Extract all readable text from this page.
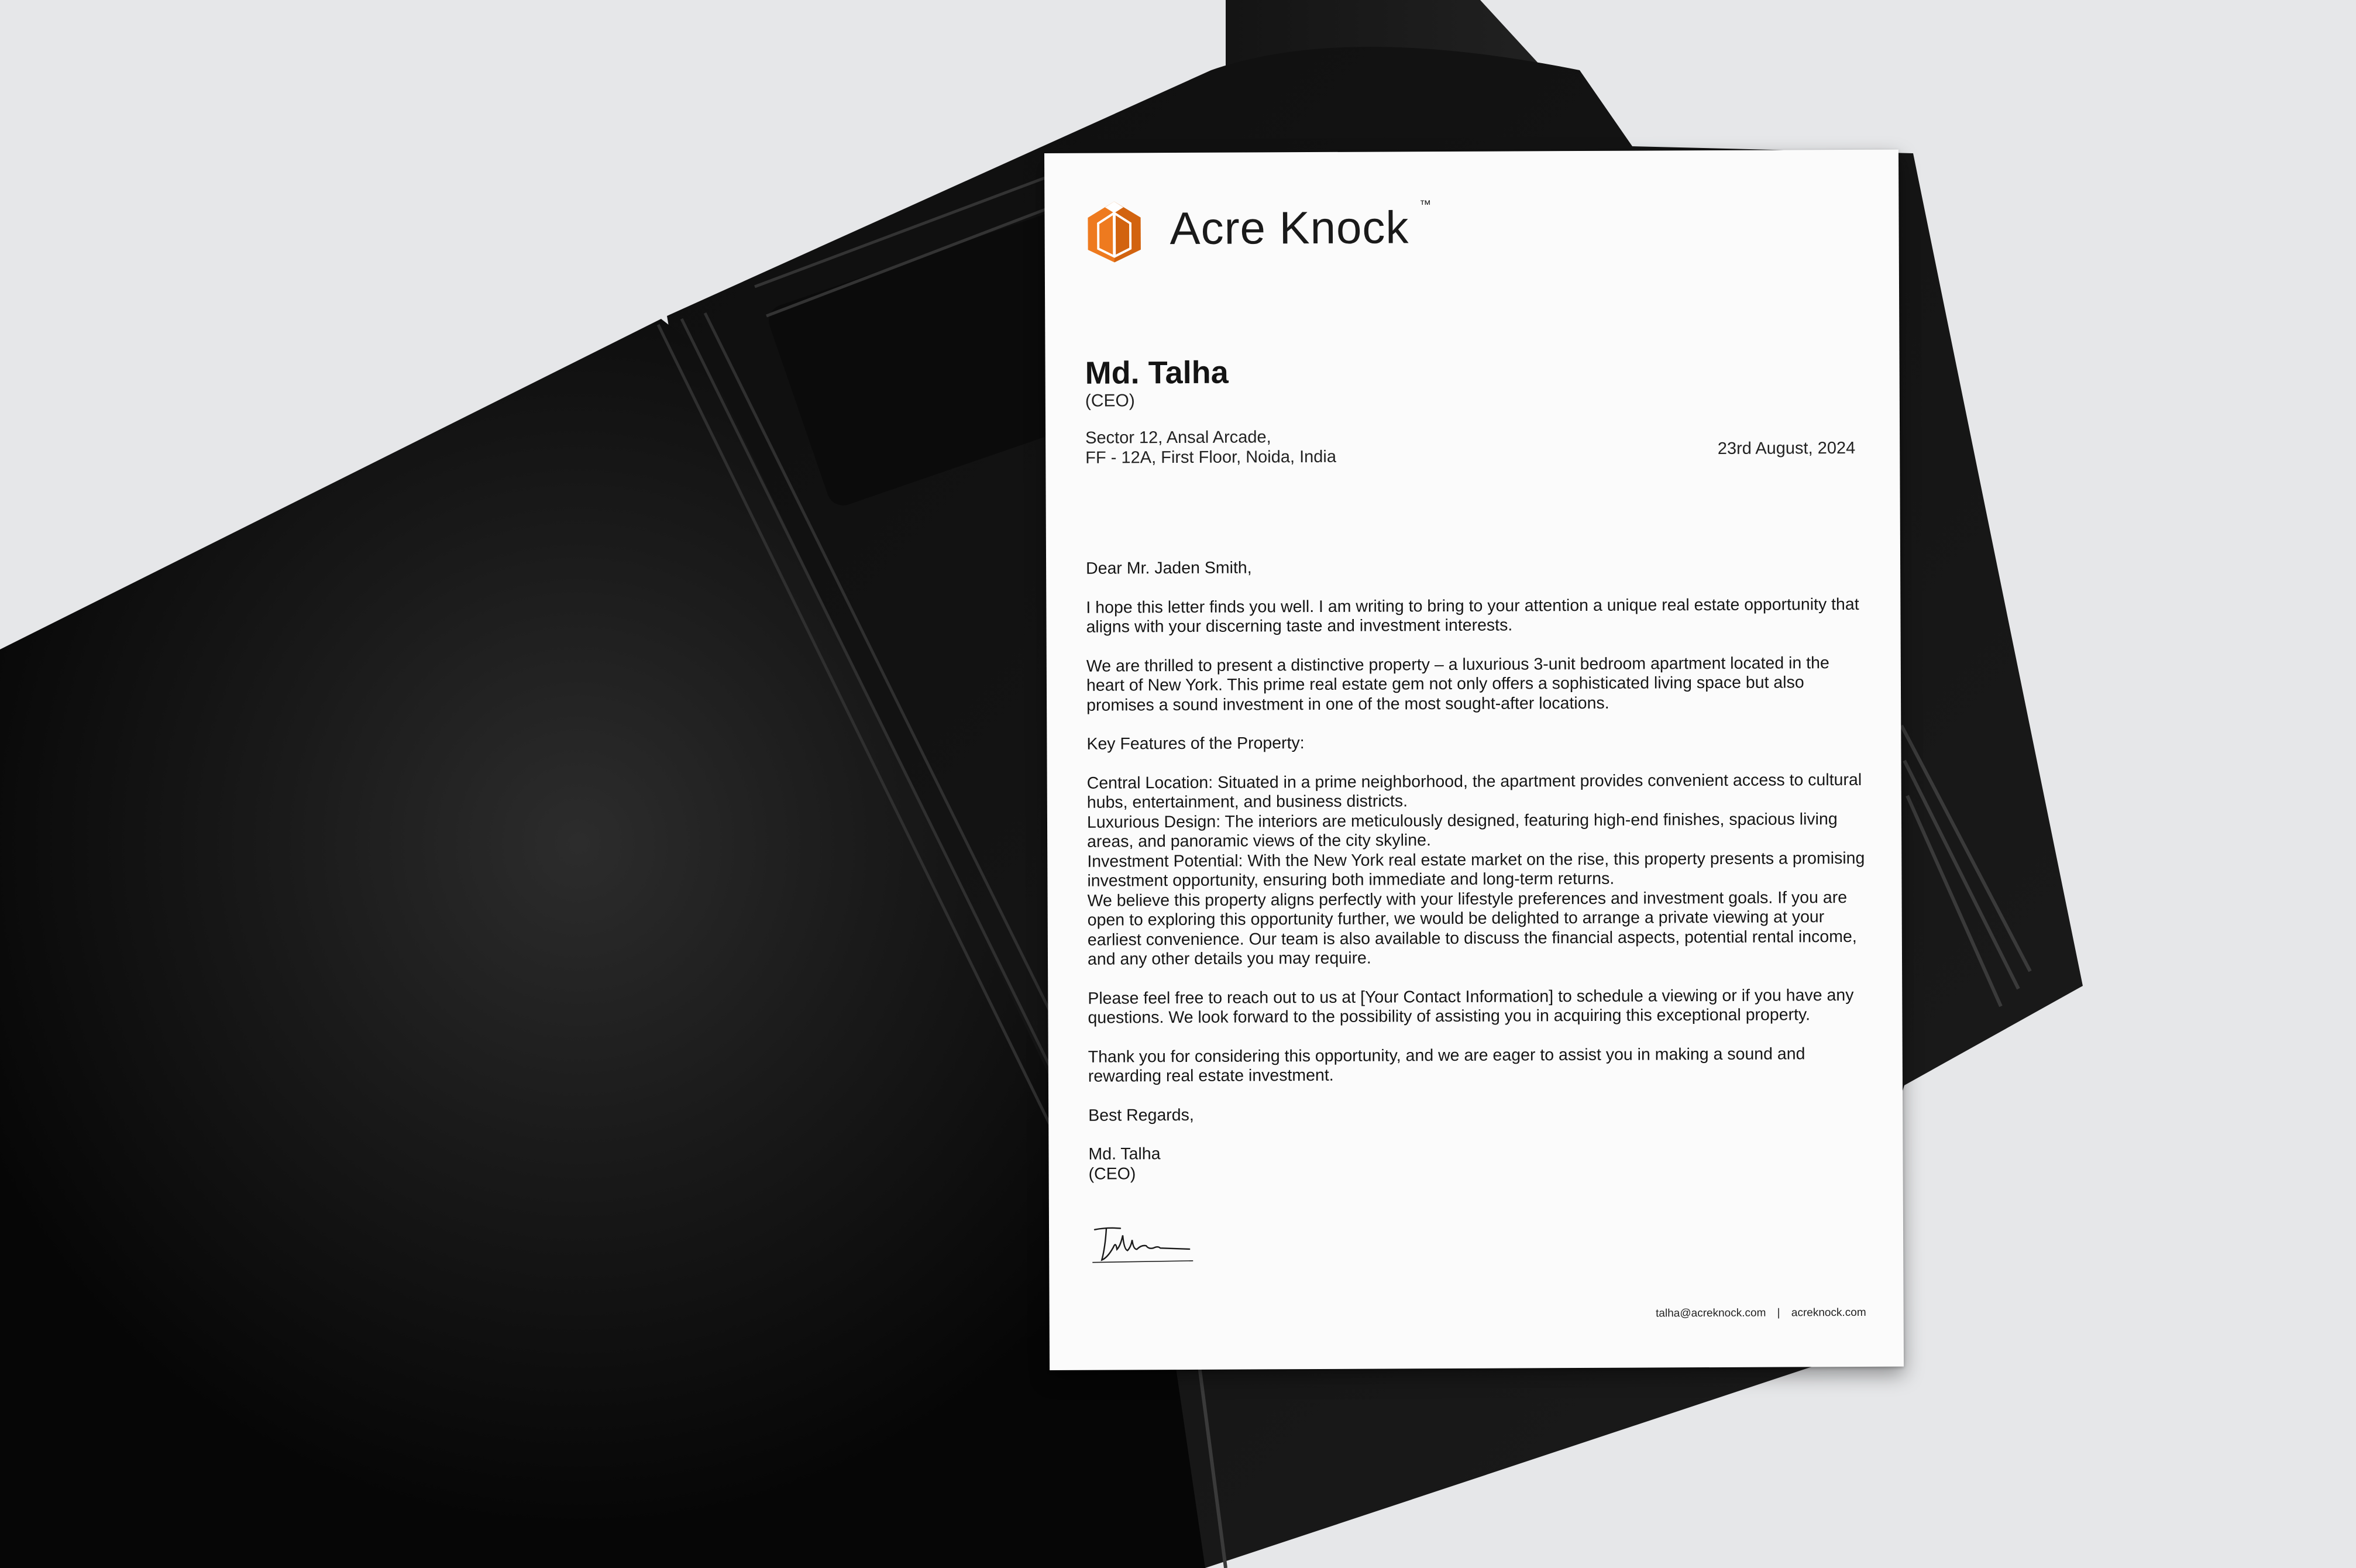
Acre Knock ™
Md. Talha
(CEO)
Sector 12, Ansal Arcade,
FF - 12A, First Floor, Noida, India	23rd August, 2024

Dear Mr. Jaden Smith,

I hope this letter finds you well. I am writing to bring to your attention a unique real estate opportunity that aligns with your discerning taste and investment interests.

We are thrilled to present a distinctive property – a luxurious 3-unit bedroom apartment located in the heart of New York. This prime real estate gem not only offers a sophisticated living space but also promises a sound investment in one of the most sought-after locations.

Key Features of the Property:

Central Location: Situated in a prime neighborhood, the apartment provides convenient access to cultural hubs, entertainment, and business districts.

Luxurious Design: The interiors are meticulously designed, featuring high-end finishes, spacious living areas, and panoramic views of the city skyline.

Investment Potential: With the New York real estate market on the rise, this property presents a promising investment opportunity, ensuring both immediate and long-term returns.

We believe this property aligns perfectly with your lifestyle preferences and investment goals. If you are open to exploring this opportunity further, we would be delighted to arrange a private viewing at your earliest convenience. Our team is also available to discuss the financial aspects, potential rental income, and any other details you may require.

Please feel free to reach out to us at [Your Contact Information] to schedule a viewing or if you have any questions. We look forward to the possibility of assisting you in acquiring this exceptional property.

Thank you for considering this opportunity, and we are eager to assist you in making a sound and rewarding real estate investment.

Best Regards,

Md. Talha
(CEO)
talha@acreknock.com | acreknock.com
